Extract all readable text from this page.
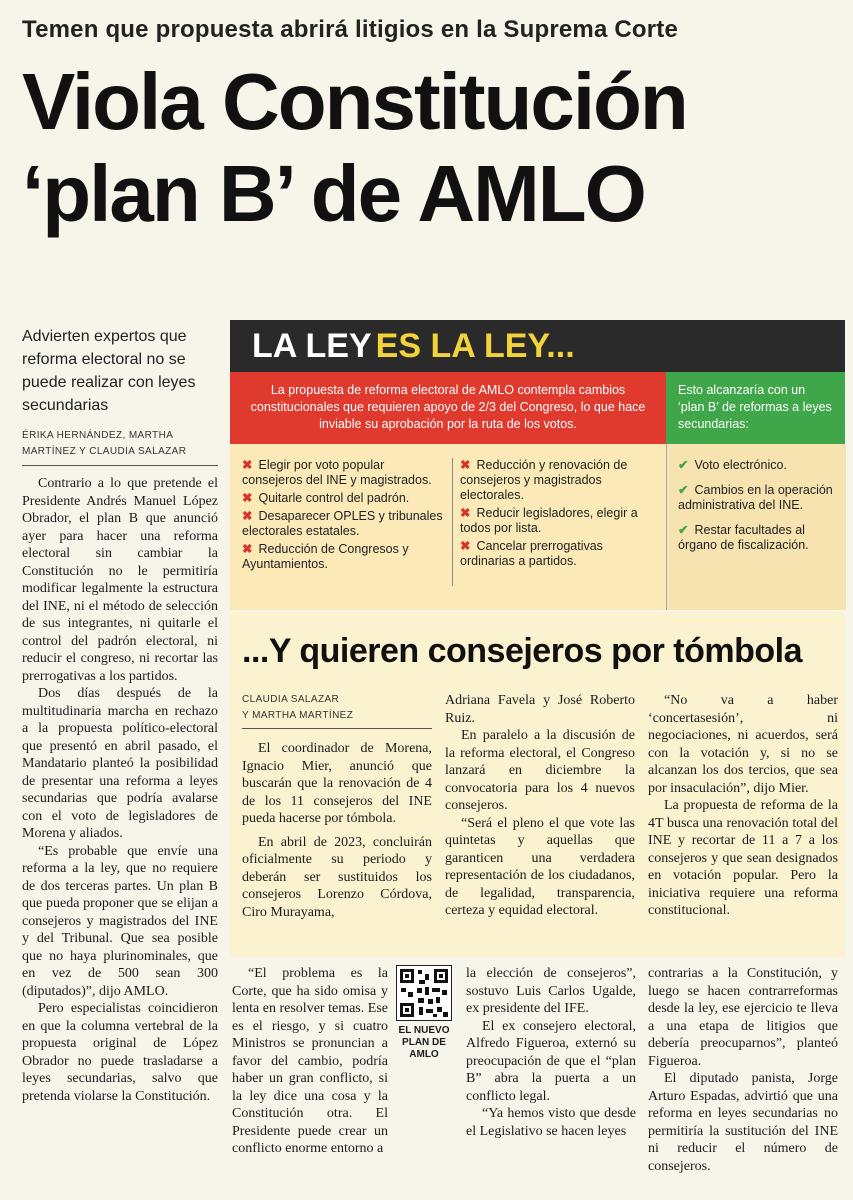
Temen que propuesta abrirá litigios en la Suprema Corte
Viola Constitución
‘plan B’ de AMLO
Advierten expertos que reforma electoral no se puede realizar con leyes secundarias
ÉRIKA HERNÁNDEZ, MARTHA
MARTÍNEZ Y CLAUDIA SALAZAR

Contrario a lo que pretende el Presidente Andrés Manuel López Obrador, el plan B que anunció ayer para hacer una reforma electoral sin cambiar la Constitución no le permitiría modificar legalmente la estructura del INE, ni el método de selección de sus integrantes, ni quitarle el control del padrón electoral, ni reducir el congreso, ni recortar las prerrogativas a los partidos.

Dos días después de la multitudinaria marcha en rechazo a la propuesta político-electoral que presentó en abril pasado, el Mandatario planteó la posibilidad de presentar una reforma a leyes secundarias que podría avalarse con el voto de legisladores de Morena y aliados.

“Es probable que envíe una reforma a la ley, que no requiere de dos terceras partes. Un plan B que pueda proponer que se elijan a consejeros y magistrados del INE y del Tribunal. Que sea posible que no haya plurinominales, que en vez de 500 sean 300 (diputados)”, dijo AMLO.

Pero especialistas coincidieron en que la columna vertebral de la propuesta original de López Obrador no puede trasladarse a leyes secundarias, salvo que pretenda violarse la Constitución.

LA LEY ES LA LEY...
La propuesta de reforma electoral de AMLO contempla cambios constitucionales que requieren apoyo de 2/3 del Congreso, lo que hace inviable su aprobación por la ruta de los votos.
Esto alcanzaría con un ‘plan B’ de reformas a leyes secundarias:
✖ Elegir por voto popular consejeros del INE y magistrados.
✖ Quitarle control del padrón.
✖ Desaparecer OPLES y tribunales electorales estatales.
✖ Reducción de Congresos y Ayuntamientos.
✖ Reducción y renovación de consejeros y magistrados electorales.
✖ Reducir legisladores, elegir a todos por lista.
✖ Cancelar prerrogativas ordinarias a partidos.
✔ Voto electrónico.
✔ Cambios en la operación administrativa del INE.
✔ Restar facultades al órgano de fiscalización.
...Y quieren consejeros por tómbola
CLAUDIA SALAZAR
Y MARTHA MARTÍNEZ

El coordinador de Morena, Ignacio Mier, anunció que buscarán que la renovación de 4 de los 11 consejeros del INE pueda hacerse por tómbola.

En abril de 2023, concluirán oficialmente su periodo y deberán ser sustituidos los consejeros Lorenzo Córdova, Ciro Murayama,

Adriana Favela y José Roberto Ruiz.

En paralelo a la discusión de la reforma electoral, el Congreso lanzará en diciembre la convocatoria para los 4 nuevos consejeros.

“Será el pleno el que vote las quintetas y aquellas que garanticen una verdadera representación de los ciudadanos, de legalidad, transparencia, certeza y equidad electoral.

“No va a haber ‘concertasesión’, ni negociaciones, ni acuerdos, será con la votación y, si no se alcanzan los dos tercios, que sea por insaculación”, dijo Mier.

La propuesta de reforma de la 4T busca una renovación total del INE y recortar de 11 a 7 a los consejeros y que sean designados en votación popular. Pero la iniciativa requiere una reforma constitucional.

“El problema es la Corte, que ha sido omisa y lenta en resolver temas. Ese es el riesgo, y si cuatro Ministros se pronuncian a favor del cambio, podría haber un gran conflicto, si la ley dice una cosa y la Constitución otra. El Presidente puede crear un conflicto enorme entorno a

EL NUEVO
PLAN DE AMLO

la elección de consejeros”, sostuvo Luis Carlos Ugalde, ex presidente del IFE.

El ex consejero electoral, Alfredo Figueroa, externó su preocupación de que el “plan B” abra la puerta a un conflicto legal.

“Ya hemos visto que desde el Legislativo se hacen leyes

contrarias a la Constitución, y luego se hacen contrarreformas desde la ley, ese ejercicio te lleva a una etapa de litigios que debería preocuparnos”, planteó Figueroa.

El diputado panista, Jorge Arturo Espadas, advirtió que una reforma en leyes secundarias no permitiría la sustitución del INE ni reducir el número de consejeros.
